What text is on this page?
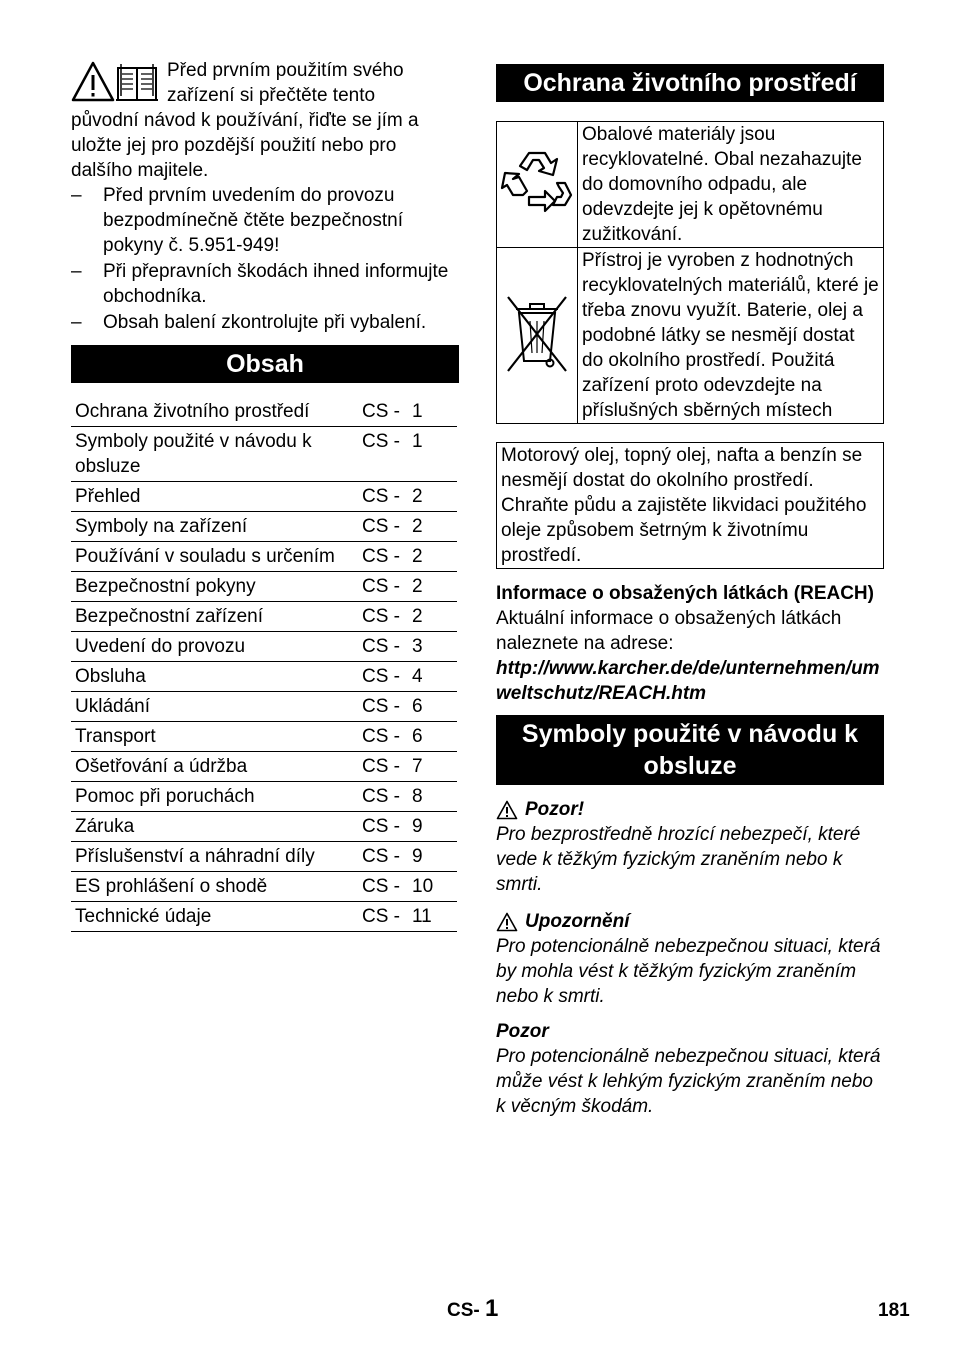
Před prvním použitím svého

zařízení si přečtěte tento

původní návod k používání, řiďte se jím a uložte jej pro pozdější použití nebo pro dalšího majitele.

– Před prvním uvedením do provozu bezpodmínečně čtěte bezpečnostní pokyny č. 5.951-949!
– Při přepravních škodách ihned informujte obchodníka.
– Obsah balení zkontrolujte při vybalení.
Obsah
Ochrana životního prostředí	CS - 1
Symboly použité v návodu k obsluze	CS - 1
Přehled	CS - 2
Symboly na zařízení	CS - 2
Používání v souladu s určením	CS - 2
Bezpečnostní pokyny	CS - 2
Bezpečnostní zařízení	CS - 2
Uvedení do provozu	CS - 3
Obsluha	CS - 4
Ukládání	CS - 6
Transport	CS - 6
Ošetřování a údržba	CS - 7
Pomoc při poruchách	CS - 8
Záruka	CS - 9
Příslušenství a náhradní díly	CS - 9
ES prohlášení o shodě	CS - 10
Technické údaje	CS - 11
Ochrana životního prostředí
	Obalové materiály jsou recyklovatelné. Obal nezahazujte do domovního odpadu, ale odevzdejte jej k opětovnému zužitkování.
	Přístroj je vyroben z hodnotných recyklovatelných materiálů, které je třeba znovu využít. Baterie, olej a podobné látky se nesmějí dostat do okolního prostředí. Použitá zařízení proto odevzdejte na příslušných sběrných místech
Motorový olej, topný olej, nafta a benzín se nesmějí dostat do okolního prostředí. Chraňte půdu a zajistěte likvidaci použitého oleje způsobem šetrným k životnímu prostředí.

Informace o obsažených látkách (REACH)

Aktuální informace o obsažených látkách naleznete na adrese:

http://www.karcher.de/de/unternehmen/umweltschutz/REACH.htm

Symboly použité v návodu k obsluze
Pozor!

Pro bezprostředně hrozící nebezpečí, které vede k těžkým fyzickým zraněním nebo k smrti.

Upozornění

Pro potencionálně nebezpečnou situaci, která by mohla vést k těžkým fyzickým zraněním nebo k smrti.

Pozor

Pro potencionálně nebezpečnou situaci, která může vést k lehkým fyzickým zraněním nebo k věcným škodám.

CS- 1	181
